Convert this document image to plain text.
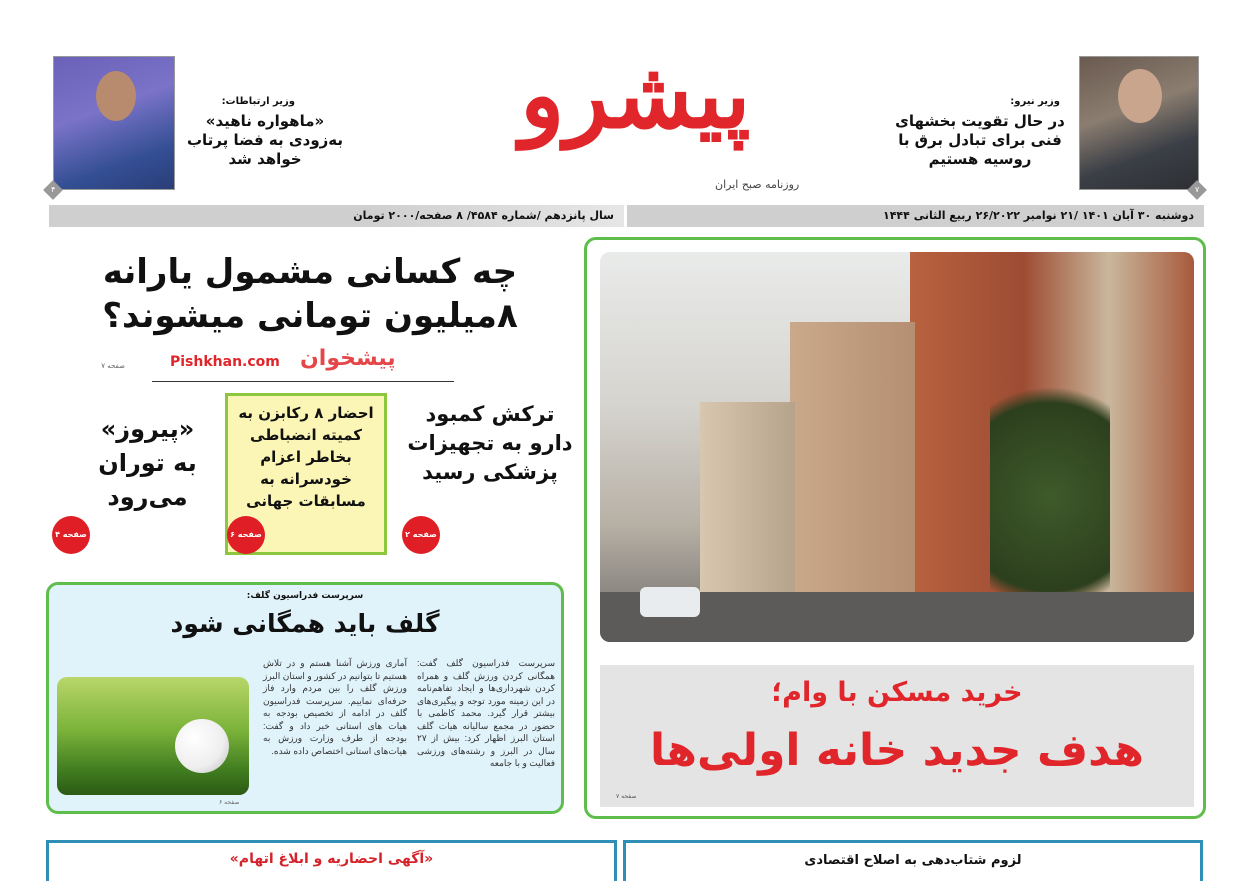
پیشرو
روزنامه صبح ایران	۷
وزیر نیرو:
در حال تقویت بخشهای فنی برای تبادل برق با روسیه هستیم
۴
وزیر ارتباطات:
«ماهواره ناهید» به‌زودی به فضا پرتاب خواهد شد
دوشنبه ۳۰ آبان ۱۴۰۱ /۲۱ نوامبر ۲۶/۲۰۲۲ ربیع الثانی ۱۴۴۴
سال پانزدهم /شماره ۴۵۸۴/ ۸ صفحه/۲۰۰۰ تومان
چه کسانی مشمول یارانه ۸میلیون تومانی میشوند؟
پیشخوان
Pishkhan.com
صفحه ۷
ترکش کمبود دارو به تجهیزات پزشکی رسید
صفحه ۲
احضار ۸ رکابزن به کمیته انضباطی بخاطر اعزام خودسرانه به مسابقات جهانی
صفحه ۶
«پیروز» به توران می‌رود
صفحه ۴
سرپرست فدراسیون گلف:
گلف باید همگانی شود
سرپرست فدراسیون گلف گفت: همگانی کردن ورزش گلف و همراه کردن شهرداری‌ها و ایجاد تفاهم‌نامه در این زمینه مورد توجه و پیگیری‌های بیشتر قرار گیرد. محمد کاظمی با حضور در مجمع سالیانه هیات گلف استان البرز اظهار کرد: بیش از ۲۷ سال در البرز و رشته‌های ورزشی فعالیت و با جامعه
آماری ورزش آشنا هستم و در تلاش هستیم تا بتوانیم در کشور و استان البرز ورزش گلف را بین مردم وارد فاز حرفه‌ای نماییم. سرپرست فدراسیون گلف در ادامه از تخصیص بودجه به هیات های استانی خبر داد و گفت: بودجه از طرف وزارت ورزش به هیات‌های استانی اختصاص داده شده.
صفحه ۶
خرید مسکن با وام؛
هدف جدید خانه اولی‌ها
صفحه ۷
لزوم شتاب‌دهی به اصلاح اقتصادی
«آگهی احضاریه و ابلاغ اتهام»
